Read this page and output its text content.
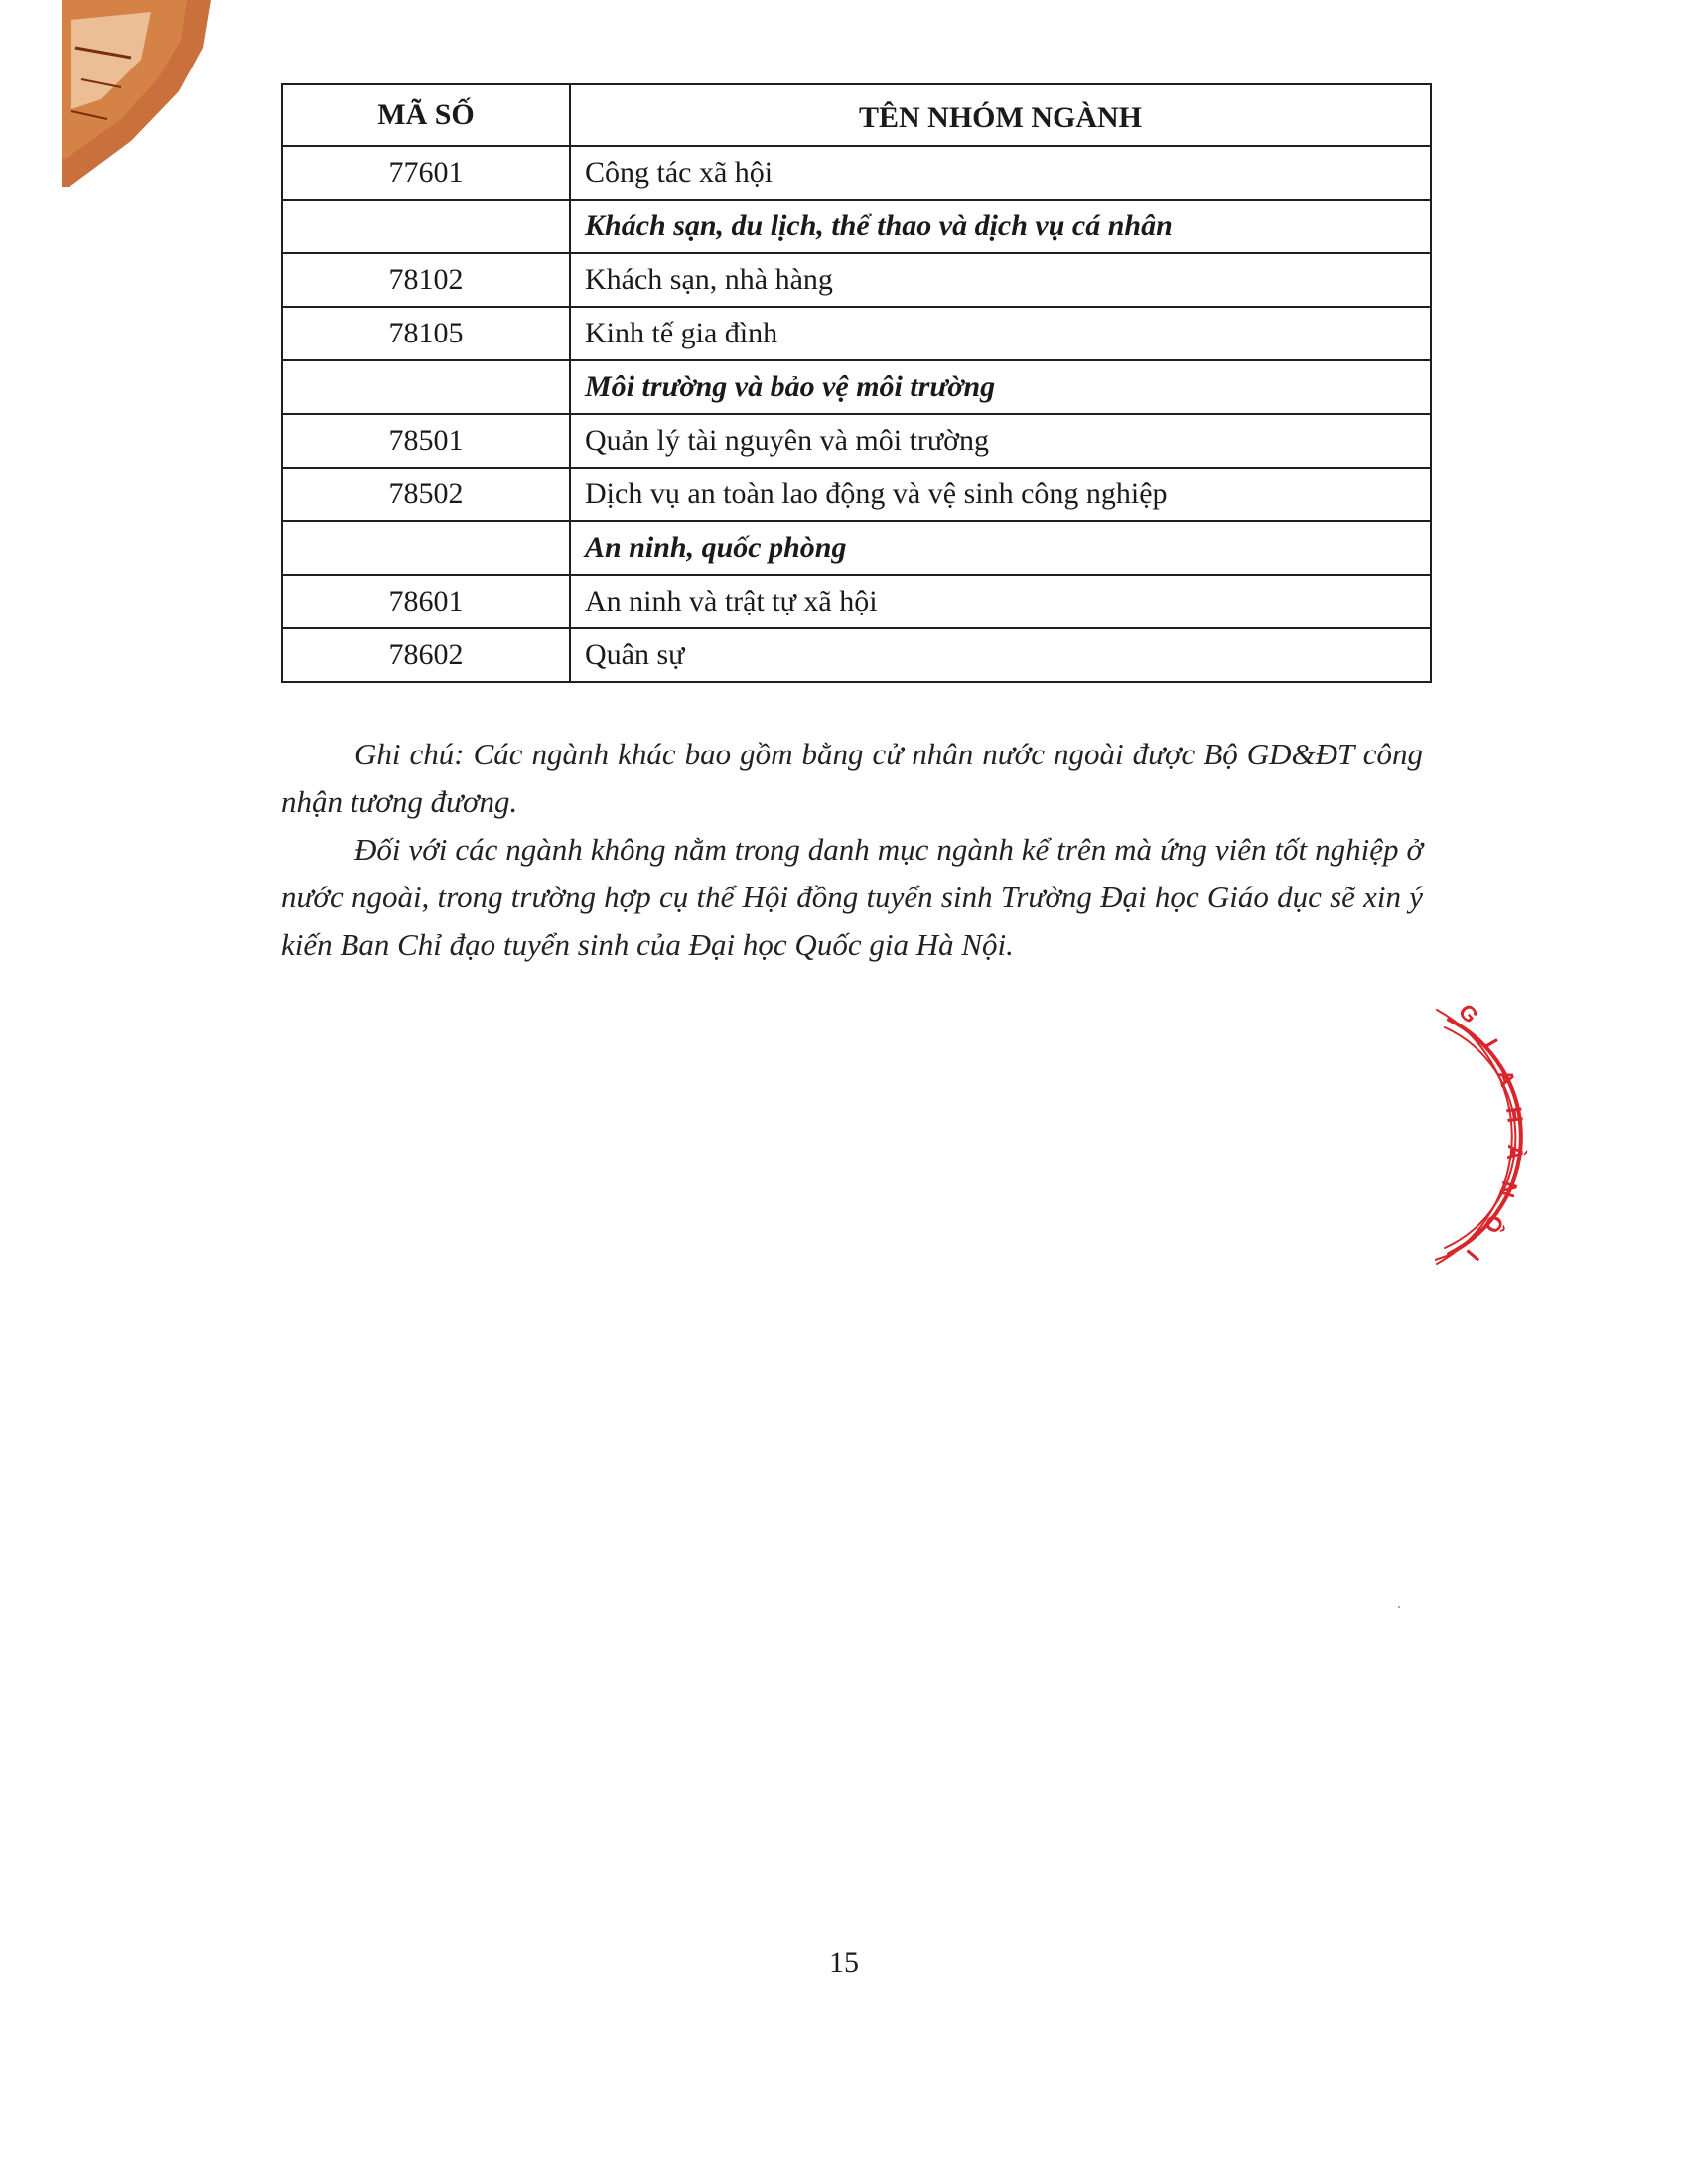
MÃ SỐ	TÊN NHÓM NGÀNH
77601	Công tác xã hội
	Khách sạn, du lịch, thể thao và dịch vụ cá nhân
78102	Khách sạn, nhà hàng
78105	Kinh tế gia đình
	Môi trường và bảo vệ môi trường
78501	Quản lý tài nguyên và môi trường
78502	Dịch vụ an toàn lao động và vệ sinh công nghiệp
	An ninh, quốc phòng
78601	An ninh và trật tự xã hội
78602	Quân sự

Ghi chú: Các ngành khác bao gồm bằng cử nhân nước ngoài được Bộ GD&ĐT công nhận tương đương.

Đối với các ngành không nằm trong danh mục ngành kể trên mà ứng viên tốt nghiệp ở nước ngoài, trong trường hợp cụ thể Hội đồng tuyển sinh Trường Đại học Giáo dục sẽ xin ý kiến Ban Chỉ đạo tuyển sinh của Đại học Quốc gia Hà Nội.

G
I
A
H
À
N
Ộ
I
15
